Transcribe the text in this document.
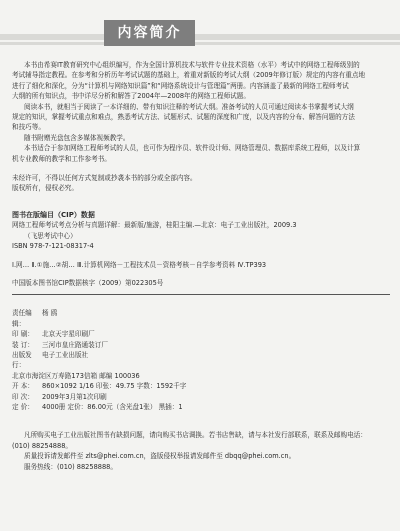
内容简介

本书由希赛IT教育研究中心组织编写，作为全国计算机技术与软件专业技术资格（水平）考试中的网络工程师级别的

考试辅导指定教程。在参考和分析历年考试试题的基础上，着重对新版的考试大纲（2009年修订版）规定的内容有重点地

进行了细化和深化，分为“计算机与网络知识篇”和“网络系统设计与管理篇”两册。内容涵盖了最新的网络工程师考试

大纲的所有知识点，书中详尽分析和解答了2004年—2008年的网络工程师试题。

阅读本书，就相当于阅读了一本详细的、带有知识注释的考试大纲。准备考试的人员可通过阅读本书掌握考试大纲

规定的知识，掌握考试重点和难点，熟悉考试方法、试题形式、试题的深度和广度，以及内容的分布、解答问题的方法

和技巧等。

随书附赠光盘包含多媒体视频教学。

本书适合于参加网络工程师考试的人员，也可作为程序员、软件设计师、网络管理员、数据库系统工程师，以及计算

机专业教师的教学和工作参考书。

未经许可，不得以任何方式复制或抄袭本书的部分或全部内容。

版权所有，侵权必究。

图书在版编目（CIP）数据

网络工程师考试考点分析与真题详解：最新版/施游，桂阳主编.—北京：电子工业出版社，2009.3

（飞思考试中心）

ISBN 978-7-121-08317-4

Ⅰ.网… Ⅱ.①施…②胡… Ⅲ.计算机网络－工程技术员－资格考核－自学参考资料 Ⅳ.TP393

中国版本图书馆CIP数据核字（2009）第022305号

责任编辑：
杨 鸥
印 刷：	北京天宇星印刷厂
装 订：	三河市皇庄路通装订厂
出版发行：
电子工业出版社

北京市海淀区万寿路173信箱 邮编 100036

开 本：	860×1092 1/16 印张：49.75 字数：1592千字
印 次：	2009年3月第1次印刷
定 价：	4000册 定价：86.00元（含光盘1张） 黑插：1

凡所购买电子工业出版社图书有缺损问题，请向购买书店调换。若书店售缺，请与本社发行部联系，联系及邮购电话：

(010) 88254888。

质量投诉请发邮件至 zlts@phei.com.cn，盗版侵权举报请发邮件至 dbqq@phei.com.cn。

服务热线：(010) 88258888。
